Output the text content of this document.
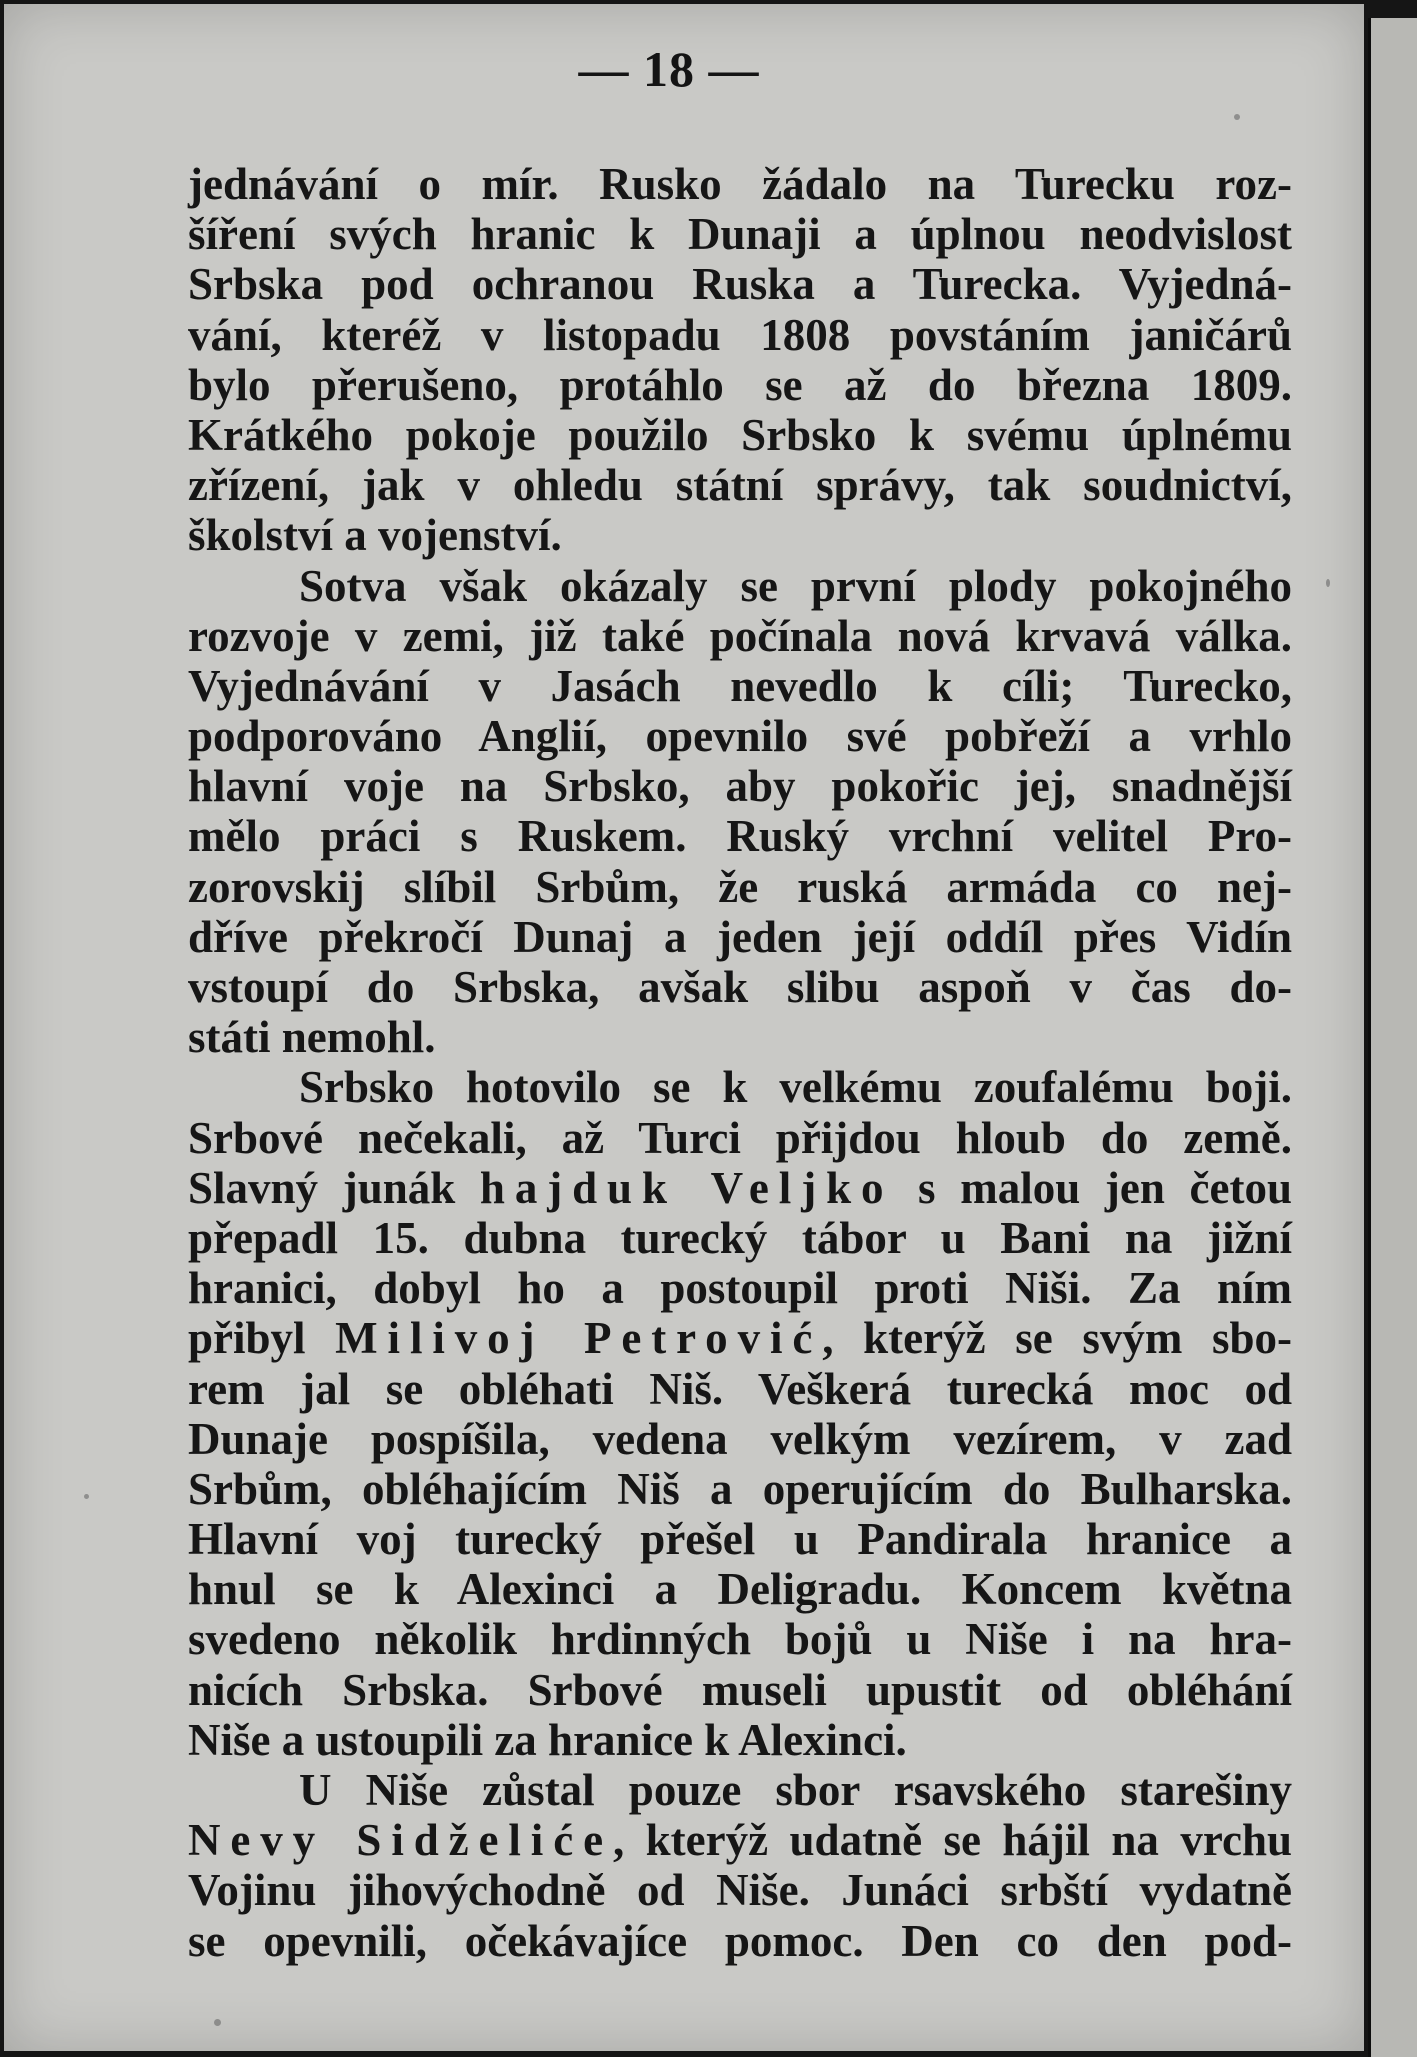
— 18 —
jednávání o mír. Rusko žádalo na Turecku roz-
šíření svých hranic k Dunaji a úplnou neodvislost
Srbska pod ochranou Ruska a Turecka. Vyjedná-
vání, kteréž v listopadu 1808 povstáním janičárů
bylo přerušeno, protáhlo se až do března 1809.
Krátkého pokoje použilo Srbsko k svému úplnému
zřízení, jak v ohledu státní správy, tak soudnictví,
školství a vojenství.
Sotva však okázaly se první plody pokojného
rozvoje v zemi, již také počínala nová krvavá válka.
Vyjednávání v Jasách nevedlo k cíli; Turecko,
podporováno Anglií, opevnilo své pobřeží a vrhlo
hlavní voje na Srbsko, aby pokořic jej, snadnější
mělo práci s Ruskem. Ruský vrchní velitel Pro-
zorovskij slíbil Srbům, že ruská armáda co nej-
dříve překročí Dunaj a jeden její oddíl přes Vidín
vstoupí do Srbska, avšak slibu aspoň v čas do-
státi nemohl.
Srbsko hotovilo se k velkému zoufalému boji.
Srbové nečekali, až Turci přijdou hloub do země.
Slavný junák hajduk Veljko s malou jen četou
přepadl 15. dubna turecký tábor u Bani na jižní
hranici, dobyl ho a postoupil proti Niši. Za ním
přibyl Milivoj Petrović, kterýž se svým sbo-
rem jal se obléhati Niš. Veškerá turecká moc od
Dunaje pospíšila, vedena velkým vezírem, v zad
Srbům, obléhajícím Niš a operujícím do Bulharska.
Hlavní voj turecký přešel u Pandirala hranice a
hnul se k Alexinci a Deligradu. Koncem května
svedeno několik hrdinných bojů u Niše i na hra-
nicích Srbska. Srbové museli upustit od obléhání
Niše a ustoupili za hranice k Alexinci.
U Niše zůstal pouze sbor rsavského starešiny
Nevy Sidželiće, kterýž udatně se hájil na vrchu
Vojinu jihovýchodně od Niše. Junáci srbští vydatně
se opevnili, očekávajíce pomoc. Den co den pod-
